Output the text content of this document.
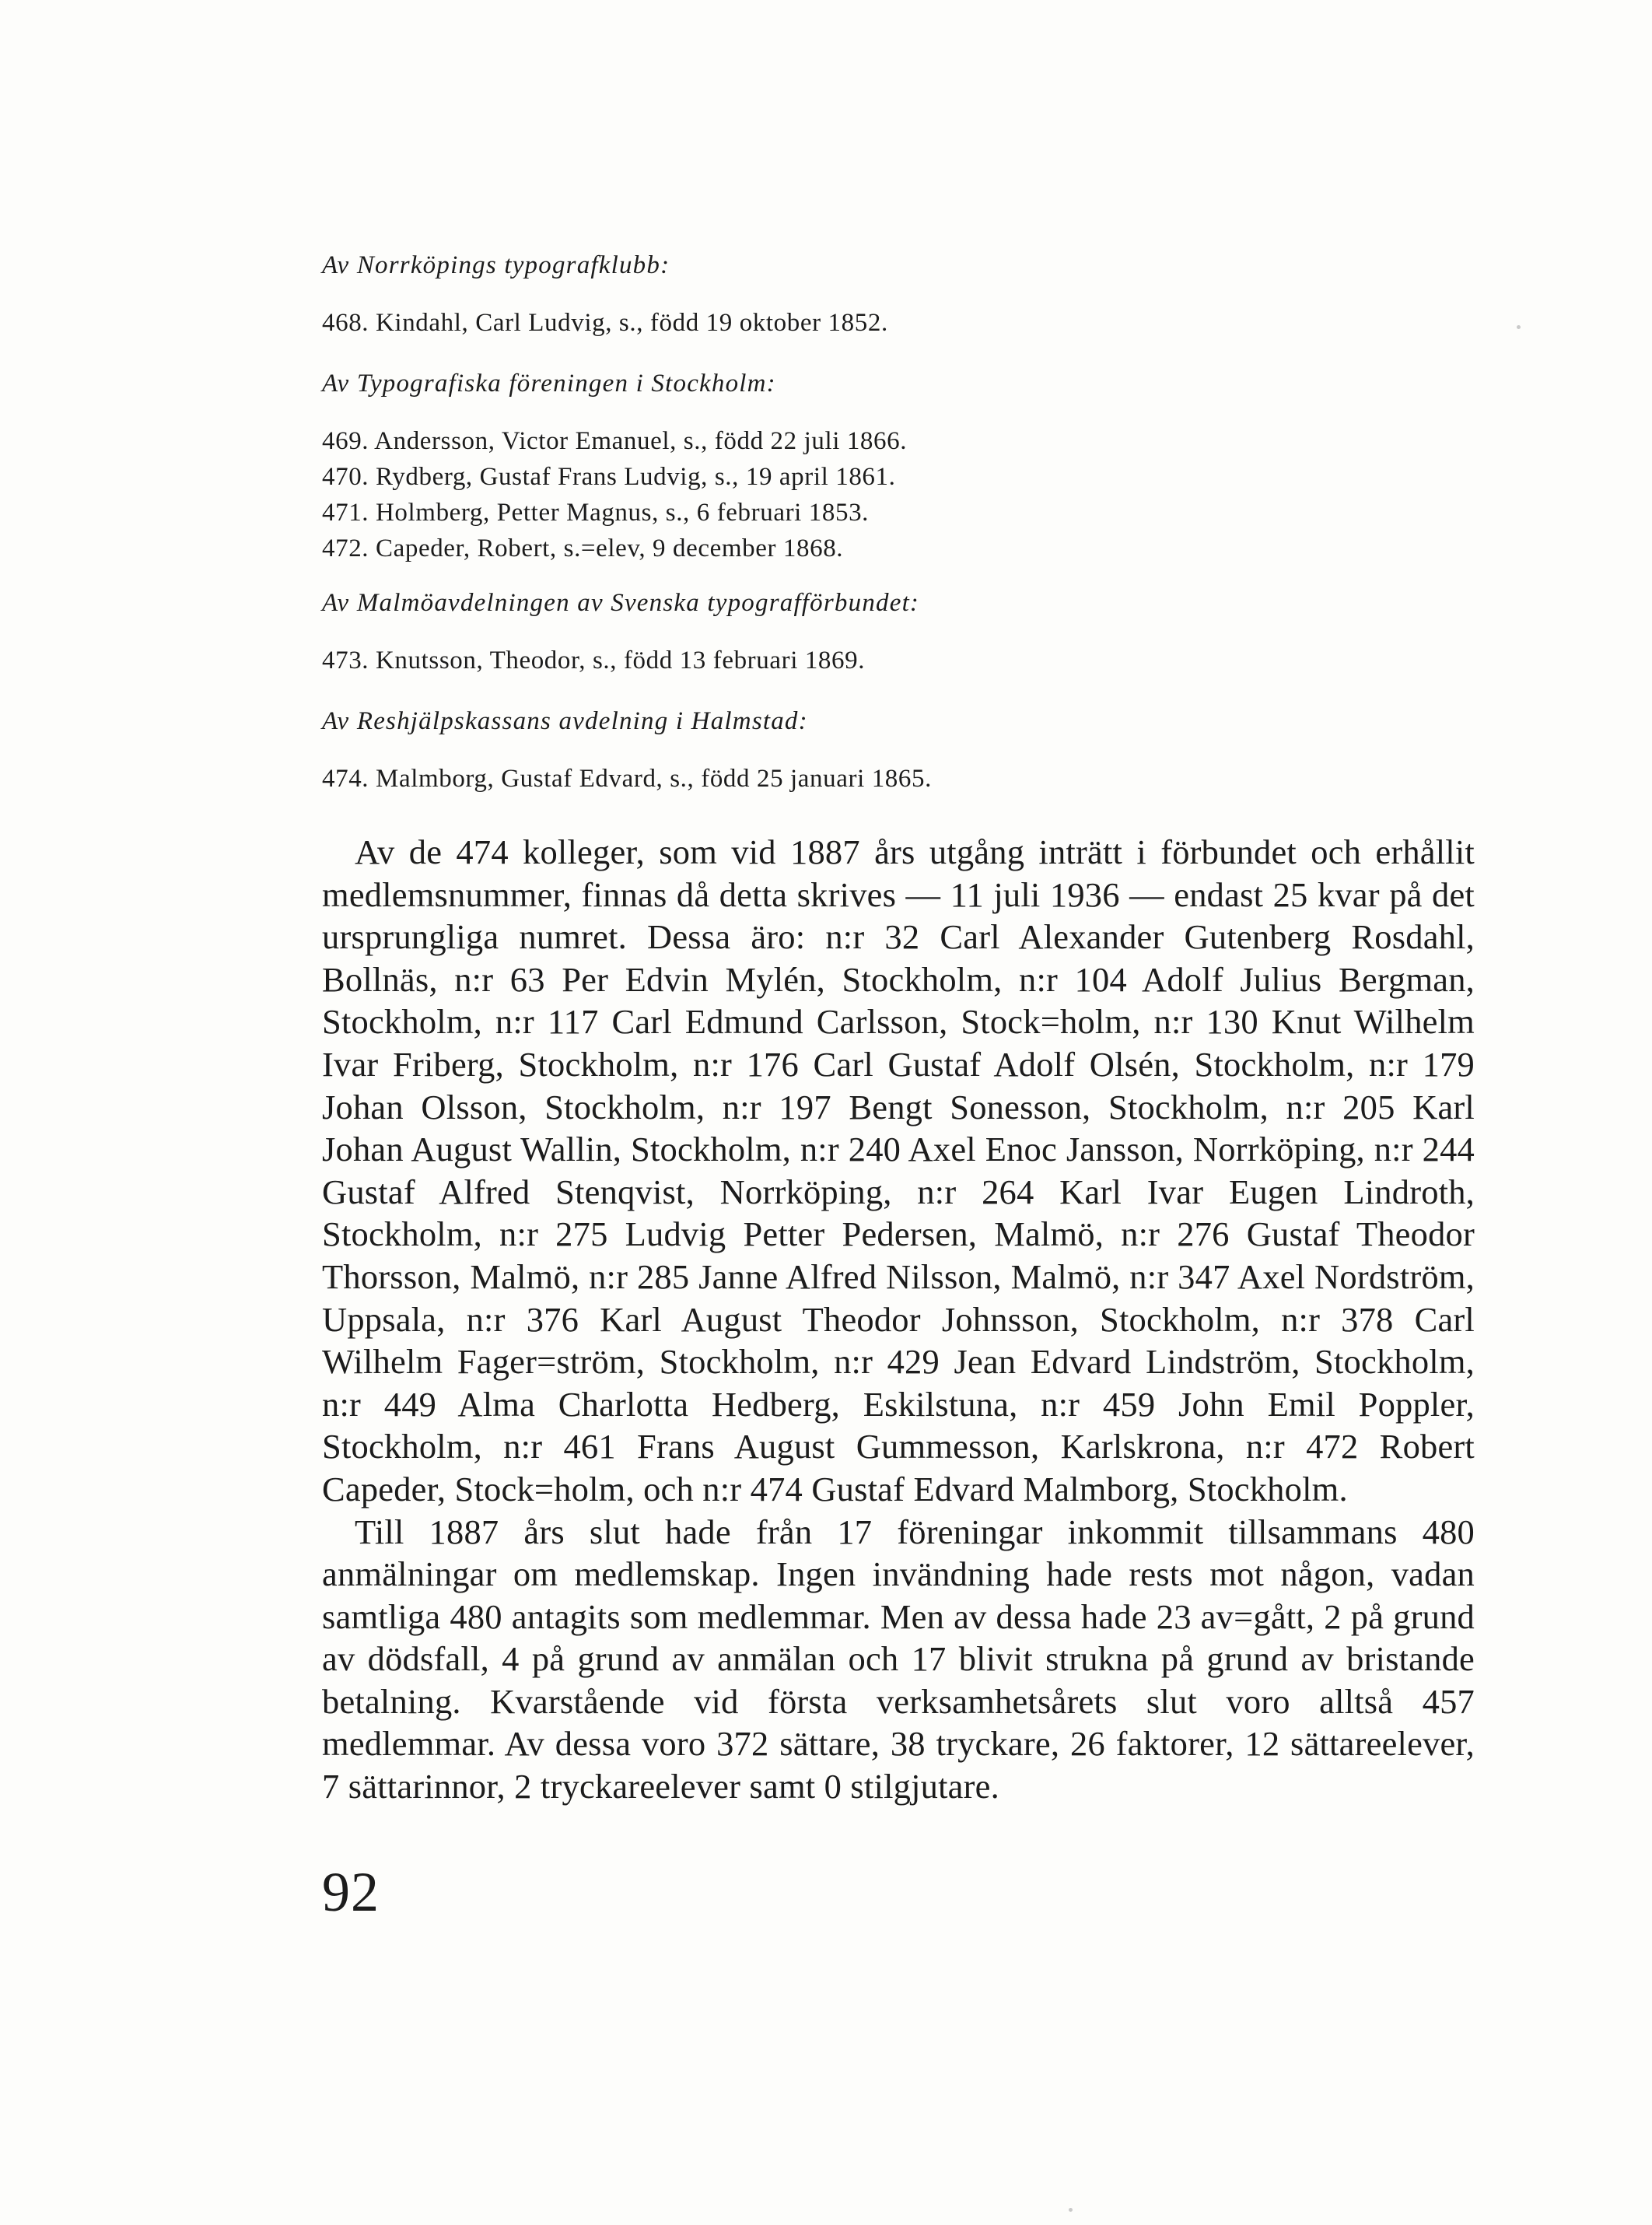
Av Norrköpings typografklubb:
468. Kindahl, Carl Ludvig, s., född 19 oktober 1852.
Av Typografiska föreningen i Stockholm:
469. Andersson, Victor Emanuel, s., född 22 juli 1866.
470. Rydberg, Gustaf Frans Ludvig, s., 19 april 1861.
471. Holmberg, Petter Magnus, s., 6 februari 1853.
472. Capeder, Robert, s.=elev, 9 december 1868.
Av Malmöavdelningen av Svenska typografförbundet:
473. Knutsson, Theodor, s., född 13 februari 1869.
Av Reshjälpskassans avdelning i Halmstad:
474. Malmborg, Gustaf Edvard, s., född 25 januari 1865.

Av de 474 kolleger, som vid 1887 års utgång inträtt i förbundet och erhållit medlemsnummer, finnas då detta skrives — 11 juli 1936 — endast 25 kvar på det ursprungliga numret. Dessa äro: n:r 32 Carl Alexander Gutenberg Rosdahl, Bollnäs, n:r 63 Per Edvin Mylén, Stockholm, n:r 104 Adolf Julius Bergman, Stockholm, n:r 117 Carl Edmund Carlsson, Stock=holm, n:r 130 Knut Wilhelm Ivar Friberg, Stockholm, n:r 176 Carl Gustaf Adolf Olsén, Stockholm, n:r 179 Johan Olsson, Stockholm, n:r 197 Bengt Sonesson, Stockholm, n:r 205 Karl Johan August Wallin, Stockholm, n:r 240 Axel Enoc Jansson, Norrköping, n:r 244 Gustaf Alfred Stenqvist, Norrköping, n:r 264 Karl Ivar Eugen Lindroth, Stockholm, n:r 275 Ludvig Petter Pedersen, Malmö, n:r 276 Gustaf Theodor Thorsson, Malmö, n:r 285 Janne Alfred Nilsson, Malmö, n:r 347 Axel Nordström, Uppsala, n:r 376 Karl August Theodor Johnsson, Stockholm, n:r 378 Carl Wilhelm Fager=ström, Stockholm, n:r 429 Jean Edvard Lindström, Stockholm, n:r 449 Alma Charlotta Hedberg, Eskilstuna, n:r 459 John Emil Poppler, Stockholm, n:r 461 Frans August Gummesson, Karlskrona, n:r 472 Robert Capeder, Stock=holm, och n:r 474 Gustaf Edvard Malmborg, Stockholm.

Till 1887 års slut hade från 17 föreningar inkommit tillsammans 480 anmälningar om medlemskap. Ingen invändning hade rests mot någon, vadan samtliga 480 antagits som medlemmar. Men av dessa hade 23 av=gått, 2 på grund av dödsfall, 4 på grund av anmälan och 17 blivit strukna på grund av bristande betalning. Kvarstående vid första verksamhetsårets slut voro alltså 457 medlemmar. Av dessa voro 372 sättare, 38 tryckare, 26 faktorer, 12 sättareelever, 7 sättarinnor, 2 tryckareelever samt 0 stilgjutare.

92
